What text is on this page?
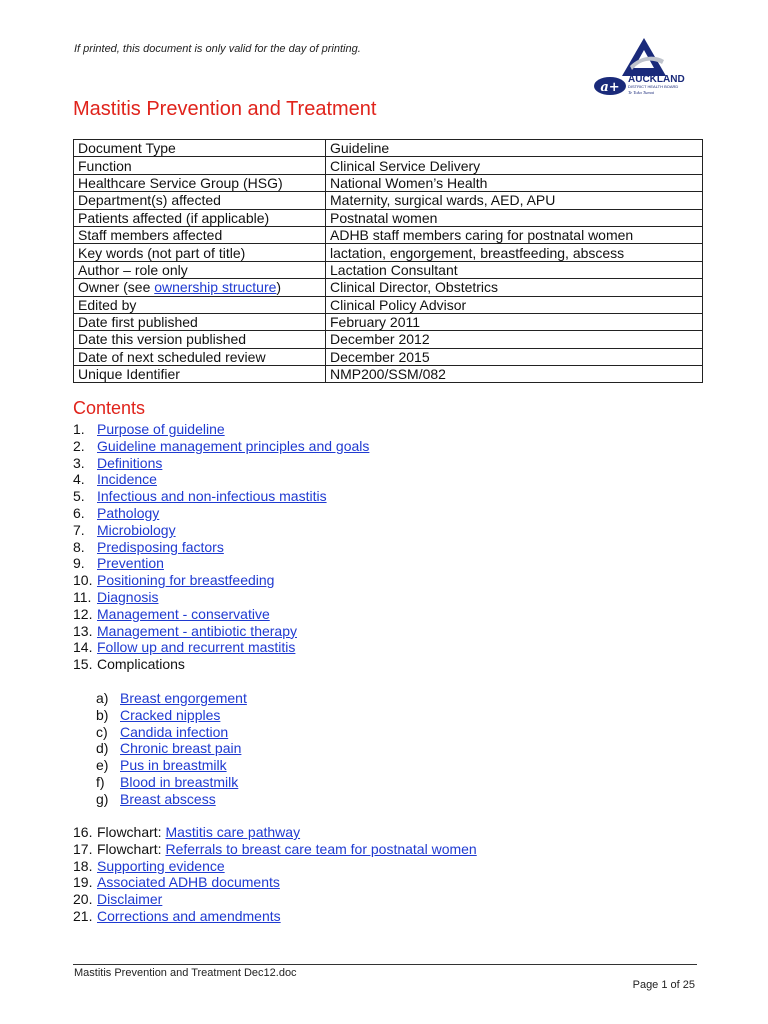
If printed, this document is only valid for the day of printing.
a+
AUCKLAND
DISTRICT HEALTH BOARD
Te Toka Tumai
Mastitis Prevention and Treatment
Document Type	Guideline
Function	Clinical Service Delivery
Healthcare Service Group (HSG)	National Women’s Health
Department(s) affected	Maternity, surgical wards, AED, APU
Patients affected (if applicable)	Postnatal women
Staff members affected	ADHB staff members caring for postnatal women
Key words (not part of title)	lactation, engorgement, breastfeeding, abscess
Author – role only	Lactation Consultant
Owner (see ownership structure)	Clinical Director, Obstetrics
Edited by	Clinical Policy Advisor
Date first published	February 2011
Date this version published	December 2012
Date of next scheduled review	December 2015
Unique Identifier	NMP200/SSM/082
Contents
1. Purpose of guideline
2. Guideline management principles and goals
3. Definitions
4. Incidence
5. Infectious and non-infectious mastitis
6. Pathology
7. Microbiology
8. Predisposing factors
9. Prevention
10. Positioning for breastfeeding
11. Diagnosis
12. Management - conservative
13. Management - antibiotic therapy
14. Follow up and recurrent mastitis
15. Complications
a) Breast engorgement
b) Cracked nipples
c) Candida infection
d) Chronic breast pain
e) Pus in breastmilk
f) Blood in breastmilk
g) Breast abscess
16. Flowchart: Mastitis care pathway
17. Flowchart: Referrals to breast care team for postnatal women
18. Supporting evidence
19. Associated ADHB documents
20. Disclaimer
21. Corrections and amendments
Mastitis Prevention and Treatment Dec12.doc
Page 1 of 25
